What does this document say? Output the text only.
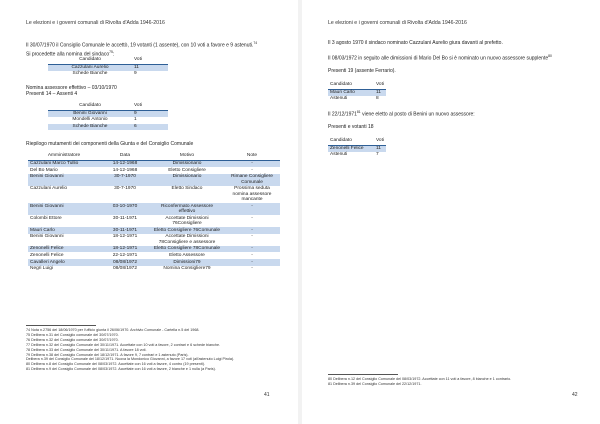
Le elezioni e i governi comunali di Rivolta d'Adda 1946-2016
Il 30/07/1970 il Consiglio Comunale le accettò, 19 votanti (1 assente), con 10 voti a favore e 9 astenuti.$^{74}$
Si procedette alla nomina del sindaco$^{75}$:
Candidato	Voti
Cazzulani Aurelio	11
Schede Bianche	9
Nomina assessore effettivo – 03/10/1970
Presenti 14 – Assenti 4
Candidato	Voti
Benini Giovanni	9
Mondelli Antonio	1
Schede Bianche	6
Riepilogo mutamenti dei componenti della Giunta e del Consiglio Comunale
Amministratore	Data	Motivo	Note
Cazzulani Marco Tullio	14-12-1968	Dimissionario	-
Del Bo Mario	14-12-1968	Eletto Consigliere	-
Benini Giovanni	30-7-1970	Dimissionario	Rimane Consigliere Comunale
Cazzulani Aurelio	30-7-1970	Eletto Sindaco	Prossima seduta nomina assessore mancante
Benini Giovanni	03-10-1970	Riconfermato Assessore effettivo	-
Colombi Ettore	30-11-1971	Accettate Dimissioni 76Consigliere	-
Mauri Carlo	30-11-1971	Eletto Consigliere 76Comunale	-
Benini Giovanni	18-12-1971	Accettate Dimissioni 78Consigliere e assessore	-
Zenonelli Felice	18-12-1971	Eletto Consigliere 78Comunale	-
Zenonelli Felice	22-12-1971	Eletto Assessore	-
Cavalleri Angelo	08/08/1972	Dimissioni79	-
Negri Luigi	08/08/1972	Nomina Consigliere79	-
74 Nota n.2756 del 18/06/1970 per l'ufficio giunta il 26/06/1970. Archivio Comunale - Cartella n.5 del 1968.
75 Delibera n.31 del Consiglio comunale del 30/07/1970.
76 Delibera n.32 del Consiglio comunale del 30/07/1970.
77 Delibera n.32 del Consiglio Comunale del 30/11/1971. Accettate con 10 voti a favore, 2 contrari e 6 schede bianche.
78 Delibera n.33 del Consiglio Comunale del 30/11/1971. A favore 18 voti.
79 Delibera n.38 del Consiglio Comunale del 18/12/1971. A favore 9, 7 contrari e 1 astenuto (Paris).
Delibera n.39 del Consiglio Comunale del 18/12/1971. Nuova la Mondonico Giovanni, a favore 17 voti (all'astenuto Luigi Pirola).
80 Delibera n.8 del Consiglio Comunale del 08/03/1972. Accettate con 16 voti a favore, 4 contro (19 presenti).
81 Delibera n.9 del Consiglio Comunale del 08/03/1972. Accettate con 16 voti a favore, 2 bianche e 1 nulla (a Paris).
41
Le elezioni e i governi comunali di Rivolta d'Adda 1946-2016
Il 3 agosto 1970 il sindaco nominato Cazzulani Aurelio giura davanti al prefetto.
Il 08/03/1972 in seguito alle dimissioni di Mario Del Bo si è nominato un nuovo assessore supplente$^{80}$
Presenti 19 (assente Ferrario).
Candidato	Voti
Mauri Carlo	11
Astenuti	8
Il 22/12/1971$^{81}$ viene eletto al posto di Benini un nuovo assessore:
Presenti e votanti 18
Candidato	Voti
Zenonelli Felice	11
Astenuti	7
80 Delibera n.12 del Consiglio Comunale del 08/03/1972. Accettate con 11 voti a favore, 8 bianche e 1 contrario.
81 Delibera n.39 del Consiglio Comunale del 22/12/1971.
42
